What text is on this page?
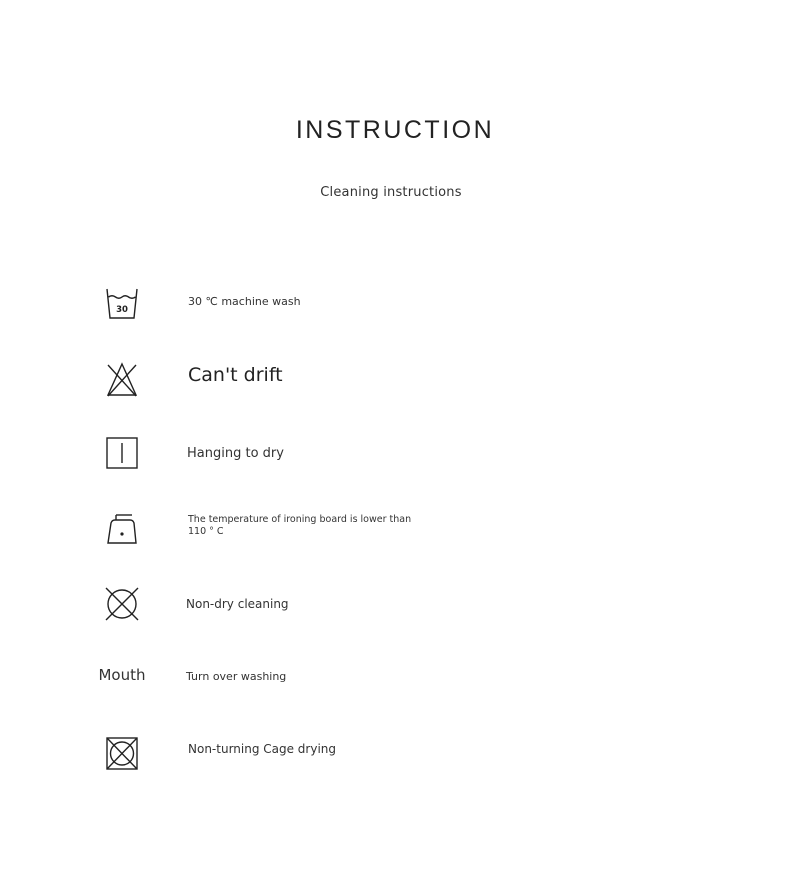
INSTRUCTION
Cleaning instructions
30
30 ℃ machine wash
Can't drift
Hanging to dry
The temperature of ironing board is lower than
110 ° C
Non-dry cleaning
Mouth	Turn over washing
Non-turning Cage drying
